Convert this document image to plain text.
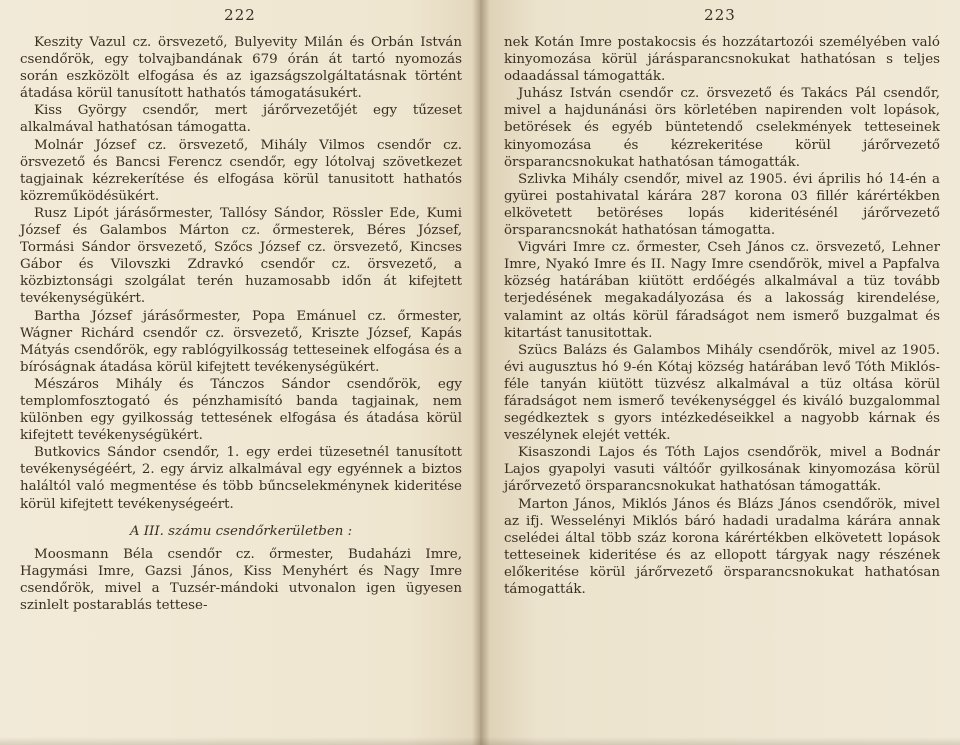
222

Keszity Vazul cz. örsvezető, Bulyevity Milán és Orbán István csendőrök, egy tolvajbandának 679 órán át tartó nyomozás során eszközölt elfogása és az igazságszolgáltatásnak történt átadása körül tanusított hathatós támogatásukért.

Kiss György csendőr, mert járőrvezetőjét egy tűzeset alkalmával hathatósan támogatta.

Molnár József cz. örsvezető, Mihály Vilmos csendőr cz. örsvezető és Bancsi Ferencz csendőr, egy lótolvaj szövetkezet tagjainak kézrekerítése és elfogása körül tanusitott hathatós közreműködésükért.

Rusz Lipót járásőrmester, Tallósy Sándor, Rössler Ede, Kumi József és Galambos Márton cz. őrmesterek, Béres József, Tormási Sándor örsvezető, Szőcs József cz. örsvezető, Kincses Gábor és Vilovszki Zdravkó csendőr cz. örsvezető, a közbiztonsági szolgálat terén huzamosabb időn át kifejtett tevékenységükért.

Bartha József járásőrmester, Popa Emánuel cz. őrmester, Wágner Richárd csendőr cz. örsvezető, Kriszte József, Kapás Mátyás csendőrök, egy rablógyilkosság tetteseinek elfogása és a bíróságnak átadása körül kifejtett tevékenységükért.

Mészáros Mihály és Tánczos Sándor csendőrök, egy templomfosztogató és pénzhamisító banda tagjainak, nem különben egy gyilkosság tettesének elfogása és átadása körül kifejtett tevékenységükért.

Butkovics Sándor csendőr, 1. egy erdei tüzesetnél tanusított tevékenységéért, 2. egy árviz alkalmával egy egyénnek a biztos haláltól való megmentése és több bűncselekménynek kideritése körül kifejtett tevékenységeért.

A III. számu csendőrkerületben :

Moosmann Béla csendőr cz. őrmester, Budaházi Imre, Hagymási Imre, Gazsi János, Kiss Menyhért és Nagy Imre csendőrök, mivel a Tuzsér-mándoki utvonalon igen ügyesen szinlelt postarablás tettese-

223

nek Kotán Imre postakocsis és hozzátartozói személyében való kinyomozása körül járásparancsnokukat hathatósan s teljes odaadással támogatták.

Juhász István csendőr cz. örsvezető és Takács Pál csendőr, mivel a hajdunánási örs körletében napirenden volt lopások, betörések és egyéb büntetendő cselekmények tetteseinek kinyomozása és kézrekeritése körül járőrvezető örsparancsnokukat hathatósan támogatták.

Szlivka Mihály csendőr, mivel az 1905. évi április hó 14-én a gyürei postahivatal kárára 287 korona 03 fillér kárértékben elkövetett betöréses lopás kideritésénél járőrvezető örsparancsnokát hathatósan támogatta.

Vigvári Imre cz. őrmester, Cseh János cz. örsvezető, Lehner Imre, Nyakó Imre és II. Nagy Imre csendőrök, mivel a Papfalva község határában kiütött erdőégés alkalmával a tüz tovább terjedésének megakadályozása és a lakosság kirendelése, valamint az oltás körül fáradságot nem ismerő buzgalmat és kitartást tanusitottak.

Szücs Balázs és Galambos Mihály csendőrök, mivel az 1905. évi augusztus hó 9-én Kótaj község határában levő Tóth Miklós-féle tanyán kiütött tüzvész alkalmával a tüz oltása körül fáradságot nem ismerő tevékenységgel és kiváló buzgalommal segédkeztek s gyors intézkedéseikkel a nagyobb kárnak és veszélynek elejét vették.

Kisaszondi Lajos és Tóth Lajos csendőrök, mivel a Bodnár Lajos gyapolyi vasuti váltóőr gyilkosának kinyomozása körül járőrvezető örsparancsnokukat hathatósan támogatták.

Marton János, Miklós János és Blázs János csendőrök, mivel az ifj. Wesselényi Miklós báró hadadi uradalma kárára annak cselédei által több száz korona kárértékben elkövetett lopások tetteseinek kideritése és az ellopott tárgyak nagy részének előkeritése körül járőrvezető örsparancsnokukat hathatósan támogatták.
